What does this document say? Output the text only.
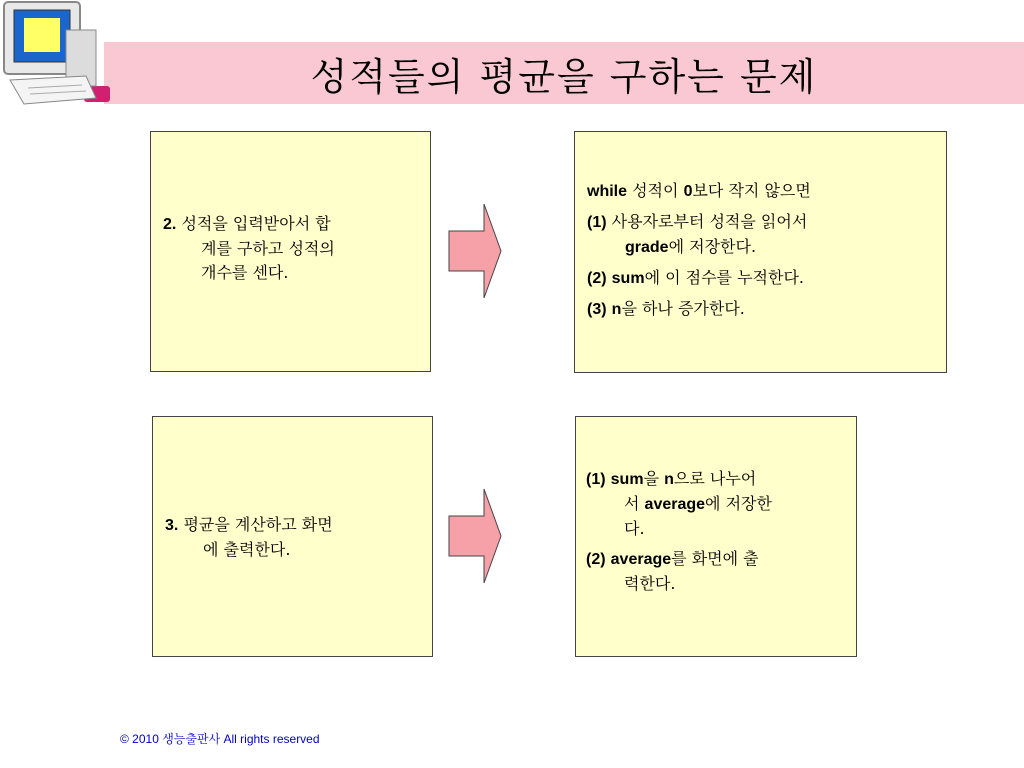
성적들의 평균을 구하는 문제
2. 성적을 입력받아서 합
계를 구하고 성적의
개수를 센다.

while 성적이 0보다 작지 않으면

(1) 사용자로부터 성적을 읽어서
grade에 저장한다.

(2) sum에 이 점수를 누적한다.

(3) n을 하나 증가한다.

3. 평균을 계산하고 화면
에 출력한다.

(1) sum을 n으로 나누어
서 average에 저장한
다.

(2) average를 화면에 출
력한다.

© 2010 생능출판사 All rights reserved
